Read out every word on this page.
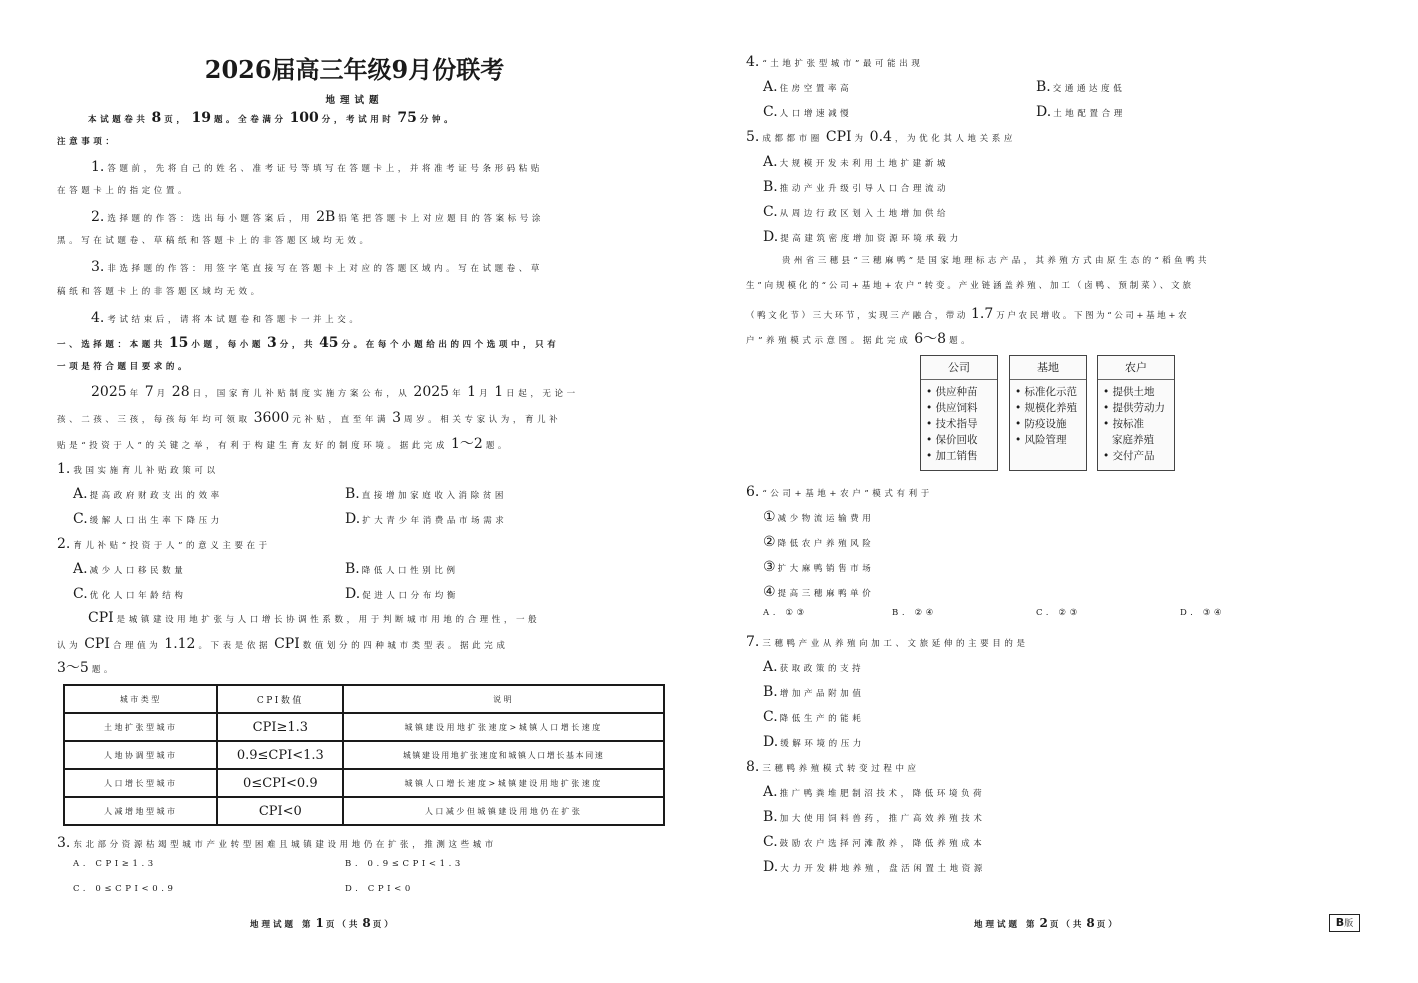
2026届高三年级9月份联考
地理试题
本试题卷共 8 页， 19 题。全卷满分 100 分，考试用时 75 分钟。
注意事项：
1. 答题前，先将自己的姓名、准考证号等填写在答题卡上，并将准考证号条形码粘贴
在答题卡上的指定位置。
2. 选择题的作答：选出每小题答案后，用 2B 铅笔把答题卡上对应题目的答案标号涂
黑。写在试题卷、草稿纸和答题卡上的非答题区域均无效。
3. 非选择题的作答：用签字笔直接写在答题卡上对应的答题区域内。写在试题卷、草
稿纸和答题卡上的非答题区域均无效。
4. 考试结束后，请将本试题卷和答题卡一并上交。
一、选择题：本题共 15 小题，每小题 3 分，共 45 分。在每个小题给出的四个选项中，只有
一项是符合题目要求的。
2025 年 7 月 28 日，国家育儿补贴制度实施方案公布，从 2025 年 1 月 1 日起，无论一
孩、二孩、三孩，每孩每年均可领取 3600 元补贴，直至年满 3 周岁。相关专家认为，育儿补
贴是“投资于人”的关键之举，有利于构建生育友好的制度环境。据此完成 1～2 题。
1. 我国实施育儿补贴政策可以
A. 提高政府财政支出的效率	B. 直接增加家庭收入消除贫困
C. 缓解人口出生率下降压力	D. 扩大青少年消费品市场需求
2. 育儿补贴“投资于人”的意义主要在于
A. 减少人口移民数量	B. 降低人口性别比例
C. 优化人口年龄结构	D. 促进人口分布均衡
CPI 是城镇建设用地扩张与人口增长协调性系数，用于判断城市用地的合理性，一般
认为 CPI 合理值为 1.12 。下表是依据 CPI 数值划分的四种城市类型表。据此完成
3～5 题。
城市类型	CPI数值	说明
土地扩张型城市	CPI≥1.3	城镇建设用地扩张速度>城镇人口增长速度
人地协调型城市	0.9≤CPI<1.3	城镇建设用地扩张速度和城镇人口增长基本同速
人口增长型城市	0≤CPI<0.9	城镇人口增长速度>城镇建设用地扩张速度
人减增地型城市	CPI<0	人口减少但城镇建设用地仍在扩张
3. 东北部分资源枯竭型城市产业转型困难且城镇建设用地仍在扩张，推测这些城市
A. CPI≥1.3	B. 0.9≤CPI<1.3
C. 0≤CPI<0.9	D. CPI<0
地理试题 第 1 页（共 8 页）
4. “土地扩张型城市”最可能出现
A. 住房空置率高	B. 交通通达度低
C. 人口增速减慢	D. 土地配置合理
5. 成都都市圈 CPI 为 0.4 ，为优化其人地关系应
A. 大规模开发未利用土地扩建新城
B. 推动产业升级引导人口合理流动
C. 从周边行政区划入土地增加供给
D. 提高建筑密度增加资源环境承载力
贵州省三穗县“三穗麻鸭”是国家地理标志产品，其养殖方式由原生态的“稻鱼鸭共
生”向规模化的“公司+基地+农户”转变。产业链涵盖养殖、加工（卤鸭、预制菜）、文旅
（鸭文化节）三大环节，实现三产融合，带动 1.7 万户农民增收。下图为“公司+基地+农
户”养殖模式示意图。据此完成 6～8 题。
公司
• 供应种苗
• 供应饲料
• 技术指导
• 保价回收
• 加工销售
基地
• 标准化示范
• 规模化养殖
• 防疫设施
• 风险管理
农户
• 提供土地
• 提供劳动力
• 按标准
家庭养殖
• 交付产品
6. “公司+基地+农户”模式有利于
① 减少物流运输费用
② 降低农户养殖风险
③ 扩大麻鸭销售市场
④ 提高三穗麻鸭单价
A. ①③	B. ②④	C. ②③	D. ③④
7. 三穗鸭产业从养殖向加工、文旅延伸的主要目的是
A. 获取政策的支持
B. 增加产品附加值
C. 降低生产的能耗
D. 缓解环境的压力
8. 三穗鸭养殖模式转变过程中应
A. 推广鸭粪堆肥制沼技术，降低环境负荷
B. 加大使用饲料兽药，推广高效养殖技术
C. 鼓励农户选择河滩散养，降低养殖成本
D. 大力开发耕地养殖，盘活闲置土地资源
地理试题 第 2 页（共 8 页）	B版
